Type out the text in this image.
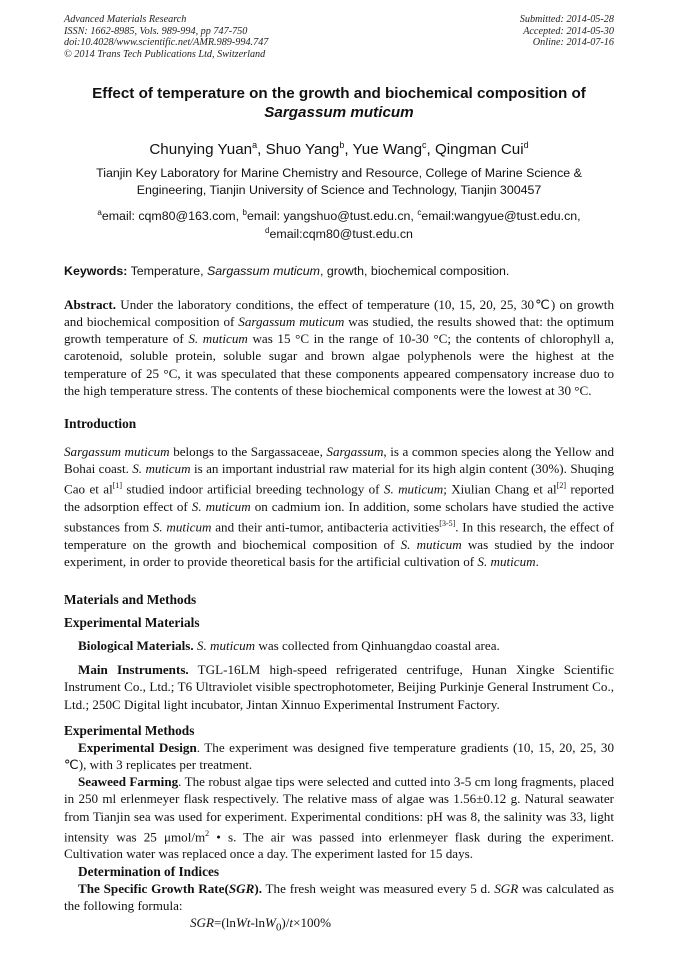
Advanced Materials Research
ISSN: 1662-8985, Vols. 989-994, pp 747-750
doi:10.4028/www.scientific.net/AMR.989-994.747
© 2014 Trans Tech Publications Ltd, Switzerland
Submitted: 2014-05-28
Accepted: 2014-05-30
Online: 2014-07-16
Effect of temperature on the growth and biochemical composition of
Sargassum muticum
Chunying Yuan$^a$, Shuo Yang$^b$, Yue Wang$^c$, Qingman Cui$^d$
Tianjin Key Laboratory for Marine Chemistry and Resource, College of Marine Science &
Engineering, Tianjin University of Science and Technology, Tianjin 300457
$^a$email: cqm80@163.com, $^b$email: yangshuo@tust.edu.cn, $^c$email:wangyue@tust.edu.cn,
$^d$email:cqm80@tust.edu.cn
Keywords: Temperature, Sargassum muticum, growth, biochemical composition.
Abstract. Under the laboratory conditions, the effect of temperature (10, 15, 20, 25, 30℃) on growth and biochemical composition of Sargassum muticum was studied, the results showed that: the optimum growth temperature of S. muticum was 15 °C in the range of 10-30 °C; the contents of chlorophyll a, carotenoid, soluble protein, soluble sugar and brown algae polyphenols were the highest at the temperature of 25 °C, it was speculated that these components appeared compensatory increase duo to the high temperature stress. The contents of these biochemical components were the lowest at 30 °C.
Introduction
Sargassum muticum belongs to the Sargassaceae, Sargassum, is a common species along the Yellow and Bohai coast. S. muticum is an important industrial raw material for its high algin content (30%). Shuqing Cao et al[1] studied indoor artificial breeding technology of S. muticum; Xiulian Chang et al[2] reported the adsorption effect of S. muticum on cadmium ion. In addition, some scholars have studied the active substances from S. muticum and their anti-tumor, antibacteria activities[3-5]. In this research, the effect of temperature on the growth and biochemical composition of S. muticum was studied by the indoor experiment, in order to provide theoretical basis for the artificial cultivation of S. muticum.
Materials and Methods
Experimental Materials
Biological Materials. S. muticum was collected from Qinhuangdao coastal area.
Main Instruments. TGL-16LM high-speed refrigerated centrifuge, Hunan Xingke Scientific Instrument Co., Ltd.; T6 Ultraviolet visible spectrophotometer, Beijing Purkinje General Instrument Co., Ltd.; 250C Digital light incubator, Jintan Xinnuo Experimental Instrument Factory.
Experimental Methods
Experimental Design. The experiment was designed five temperature gradients (10, 15, 20, 25, 30 ℃), with 3 replicates per treatment.
Seaweed Farming. The robust algae tips were selected and cutted into 3-5 cm long fragments, placed in 250 ml erlenmeyer flask respectively. The relative mass of algae was 1.56±0.12 g. Natural seawater from Tianjin sea was used for experiment. Experimental conditions: pH was 8, the salinity was 33, light intensity was 25 μmol/$m^2$ • s. The air was passed into erlenmeyer flask during the experiment. Cultivation water was replaced once a day. The experiment lasted for 15 days.
Determination of Indices
The Specific Growth Rate(SGR). The fresh weight was measured every 5 d. SGR was calculated as the following formula:
SGR=(lnWt-lnW$_0$)/t×100%
